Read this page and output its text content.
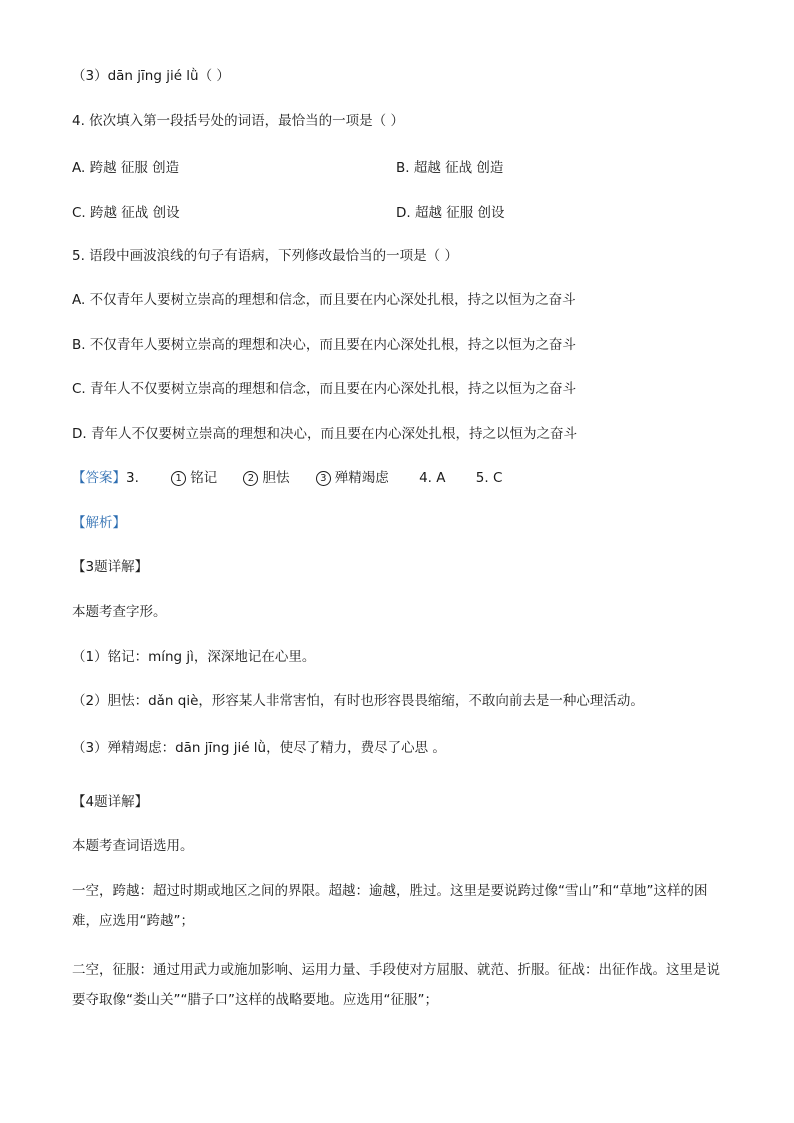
（3）dān jīng jié lǜ（ ）
4. 依次填入第一段括号处的词语，最恰当的一项是（ ）
A. 跨越 征服 创造	B. 超越 征战 创造
C. 跨越 征战 创设	D. 超越 征服 创设
5. 语段中画波浪线的句子有语病，下列修改最恰当的一项是（ ）
A. 不仅青年人要树立崇高的理想和信念，而且要在内心深处扎根，持之以恒为之奋斗
B. 不仅青年人要树立崇高的理想和决心，而且要在内心深处扎根，持之以恒为之奋斗
C. 青年人不仅要树立崇高的理想和信念，而且要在内心深处扎根，持之以恒为之奋斗
D. 青年人不仅要树立崇高的理想和决心，而且要在内心深处扎根，持之以恒为之奋斗
【答案】3.	1 铭记	2 胆怯	3 殚精竭虑 4. A 5. C
【解析】
【3题详解】
本题考查字形。
（1）铭记：míng jì，深深地记在心里。
（2）胆怯：dǎn qiè，形容某人非常害怕，有时也形容畏畏缩缩，不敢向前去是一种心理活动。
（3）殚精竭虑：dān jīng jié lǜ，使尽了精力，费尽了心思 。
【4题详解】
本题考查词语选用。
一空，跨越：超过时期或地区之间的界限。超越：逾越，胜过。这里是要说跨过像“雪山”和“草地”这样的困难，应选用“跨越”；
二空，征服：通过用武力或施加影响、运用力量、手段使对方屈服、就范、折服。征战：出征作战。这里是说要夺取像“娄山关”“腊子口”这样的战略要地。应选用“征服”；
